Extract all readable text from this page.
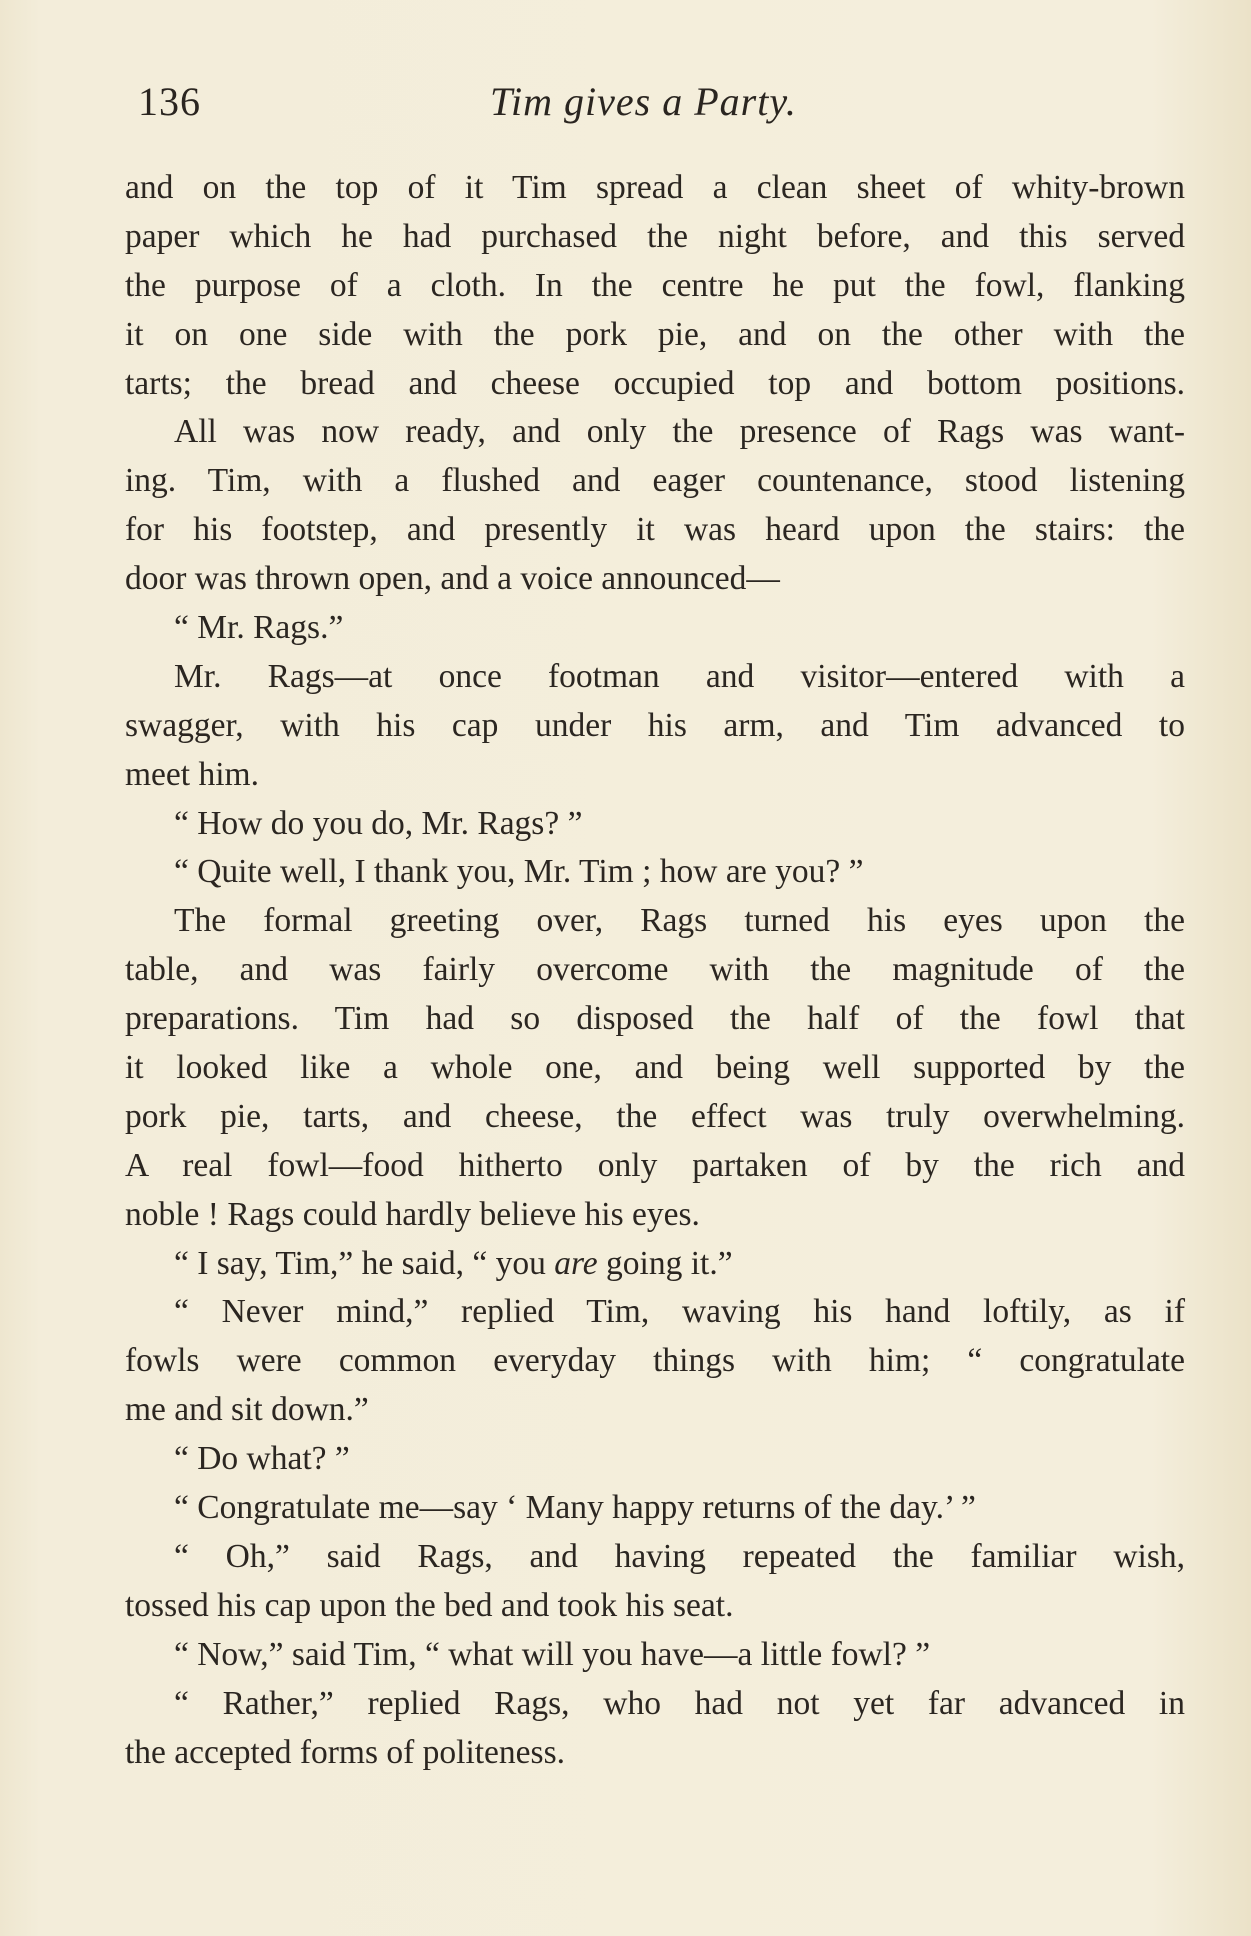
136	Tim gives a Party.
and on the top of it Tim spread a clean sheet of whity-brown
paper which he had purchased the night before, and this served
the purpose of a cloth. In the centre he put the fowl, flanking
it on one side with the pork pie, and on the other with the
tarts; the bread and cheese occupied top and bottom positions.
All was now ready, and only the presence of Rags was want-
ing. Tim, with a flushed and eager countenance, stood listening
for his footstep, and presently it was heard upon the stairs: the
door was thrown open, and a voice announced—
“ Mr. Rags.”
Mr. Rags—at once footman and visitor—entered with a
swagger, with his cap under his arm, and Tim advanced to
meet him.
“ How do you do, Mr. Rags? ”
“ Quite well, I thank you, Mr. Tim ; how are you? ”
The formal greeting over, Rags turned his eyes upon the
table, and was fairly overcome with the magnitude of the
preparations. Tim had so disposed the half of the fowl that
it looked like a whole one, and being well supported by the
pork pie, tarts, and cheese, the effect was truly overwhelming.
A real fowl—food hitherto only partaken of by the rich and
noble ! Rags could hardly believe his eyes.
“ I say, Tim,” he said, “ you are going it.”
“ Never mind,” replied Tim, waving his hand loftily, as if
fowls were common everyday things with him; “ congratulate
me and sit down.”
“ Do what? ”
“ Congratulate me—say ‘ Many happy returns of the day.’ ”
“ Oh,” said Rags, and having repeated the familiar wish,
tossed his cap upon the bed and took his seat.
“ Now,” said Tim, “ what will you have—a little fowl? ”
“ Rather,” replied Rags, who had not yet far advanced in
the accepted forms of politeness.
